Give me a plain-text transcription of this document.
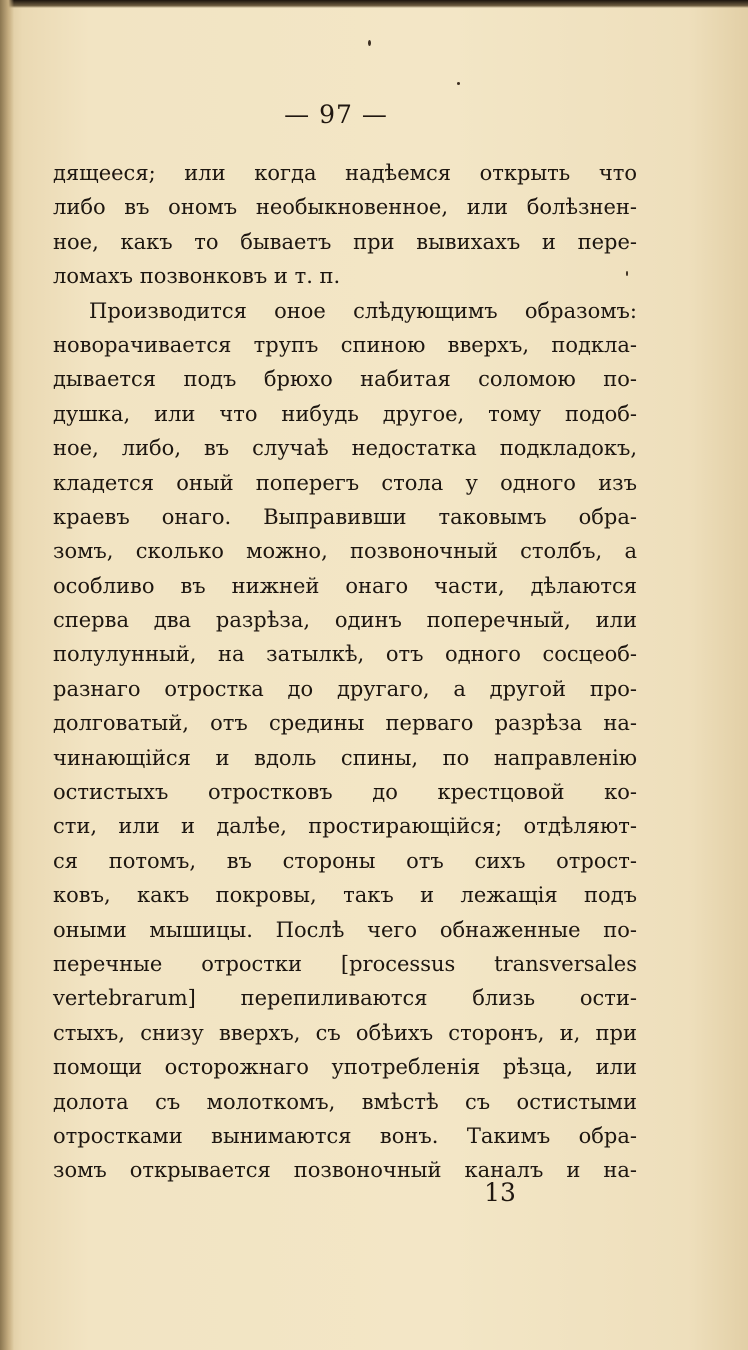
— 97 —
дящееся; или когда надѣемся открыть что
либо въ ономъ необыкновенное, или болѣзнен-
ное, какъ то бываетъ при вывихахъ и пере-
ломахъ позвонковъ и т. п.
Производится оное слѣдующимъ образомъ:
новорачивается трупъ спиною вверхъ, подкла-
дывается подъ брюхо набитая соломою по-
душка, или что нибудь другое, тому подоб-
ное, либо, въ случаѣ недостатка подкладокъ,
кладется оный поперегъ стола у одного изъ
краевъ онаго. Выправивши таковымъ обра-
зомъ, сколько можно, позвоночный столбъ, а
особливо въ нижней онаго части, дѣлаются
сперва два разрѣза, одинъ поперечный, или
полулунный, на затылкѣ, отъ одного сосцеоб-
разнаго отростка до другаго, а другой про-
долговатый, отъ средины перваго разрѣза на-
чинающійся и вдоль спины, по направленію
остистыхъ отростковъ до крестцовой ко-
сти, или и далѣе, простирающійся; отдѣляют-
ся потомъ, въ стороны отъ сихъ отрост-
ковъ, какъ покровы, такъ и лежащія подъ
оными мышицы. Послѣ чего обнаженные по-
перечные отростки [processus transversales
vertebrarum] перепиливаются близь ости-
стыхъ, снизу вверхъ, съ обѣихъ сторонъ, и, при
помощи осторожнаго употребленія рѣзца, или
долота съ молоткомъ, вмѣстѣ съ остистыми
отростками вынимаются вонъ. Такимъ обра-
зомъ открывается позвоночный каналъ и на-
13
